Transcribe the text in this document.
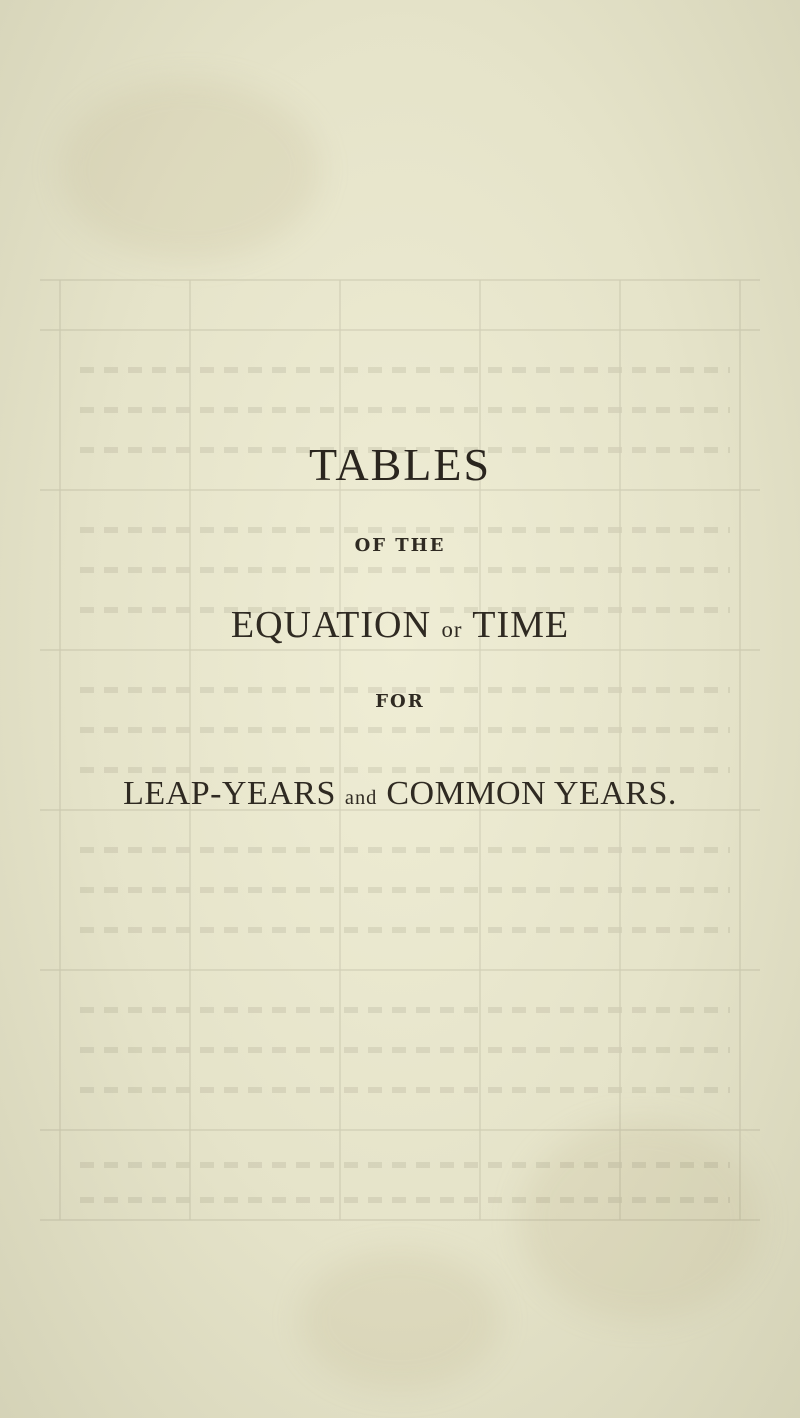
TABLES
OF THE
EQUATION or TIME
FOR
LEAP-YEARS and COMMON YEARS.
